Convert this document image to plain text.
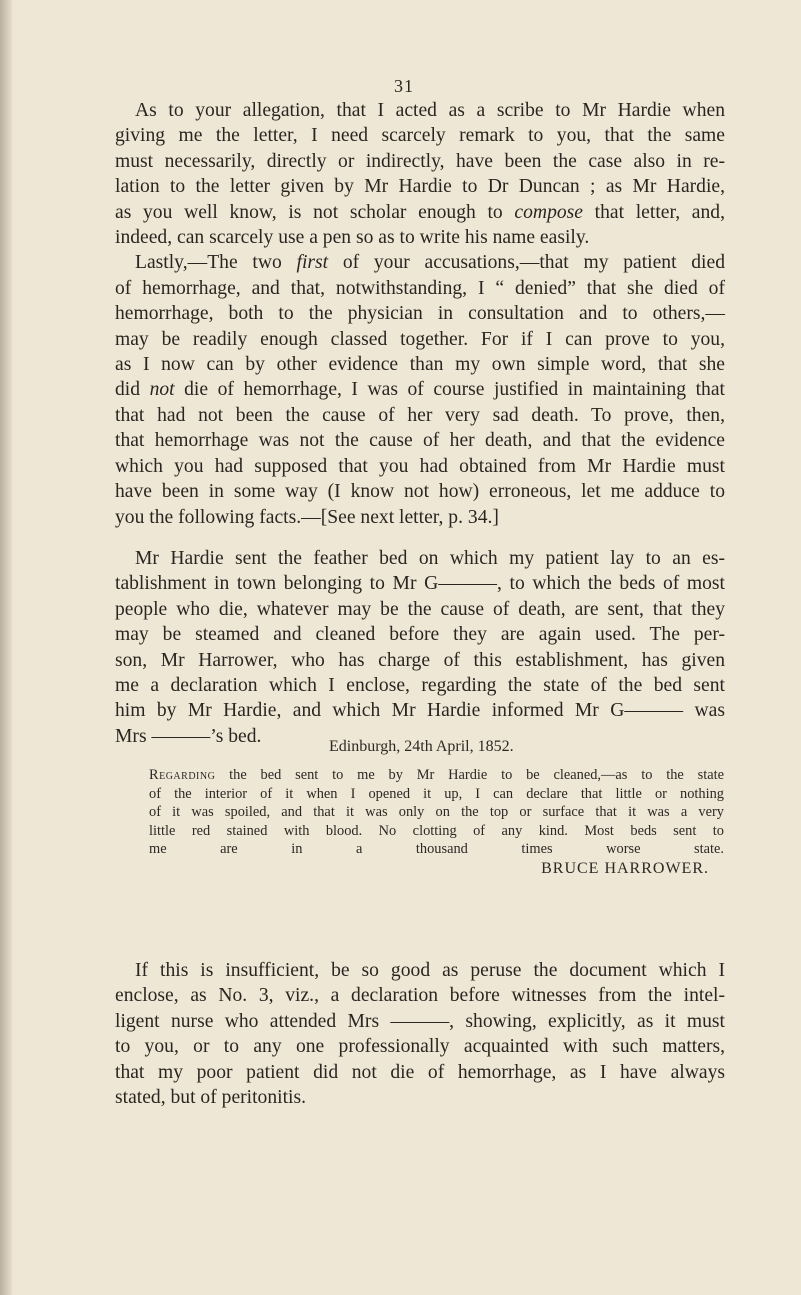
31
As to your allegation, that I acted as a scribe to Mr Hardie when
giving me the letter, I need scarcely remark to you, that the same
must necessarily, directly or indirectly, have been the case also in re-
lation to the letter given by Mr Hardie to Dr Duncan ; as Mr Hardie,
as you well know, is not scholar enough to compose that letter, and,
indeed, can scarcely use a pen so as to write his name easily.
Lastly,—The two first of your accusations,—that my patient died
of hemorrhage, and that, notwithstanding, I “ denied” that she died of
hemorrhage, both to the physician in consultation and to others,—
may be readily enough classed together. For if I can prove to you,
as I now can by other evidence than my own simple word, that she
did not die of hemorrhage, I was of course justified in maintaining that
that had not been the cause of her very sad death. To prove, then,
that hemorrhage was not the cause of her death, and that the evidence
which you had supposed that you had obtained from Mr Hardie must
have been in some way (I know not how) erroneous, let me adduce to
you the following facts.—[See next letter, p. 34.]
Mr Hardie sent the feather bed on which my patient lay to an es-
tablishment in town belonging to Mr G———, to which the beds of most
people who die, whatever may be the cause of death, are sent, that they
may be steamed and cleaned before they are again used. The per-
son, Mr Harrower, who has charge of this establishment, has given
me a declaration which I enclose, regarding the state of the bed sent
him by Mr Hardie, and which Mr Hardie informed Mr G——— was
Mrs ———’s bed.	Edinburgh, 24th April, 1852.
Regarding the bed sent to me by Mr Hardie to be cleaned,—as to the state
of the interior of it when I opened it up, I can declare that little or nothing
of it was spoiled, and that it was only on the top or surface that it was a very
little red stained with blood. No clotting of any kind. Most beds sent to
me are in a thousand times worse state.
BRUCE HARROWER.
If this is insufficient, be so good as peruse the document which I
enclose, as No. 3, viz., a declaration before witnesses from the intel-
ligent nurse who attended Mrs ———, showing, explicitly, as it must
to you, or to any one professionally acquainted with such matters,
that my poor patient did not die of hemorrhage, as I have always
stated, but of peritonitis.
